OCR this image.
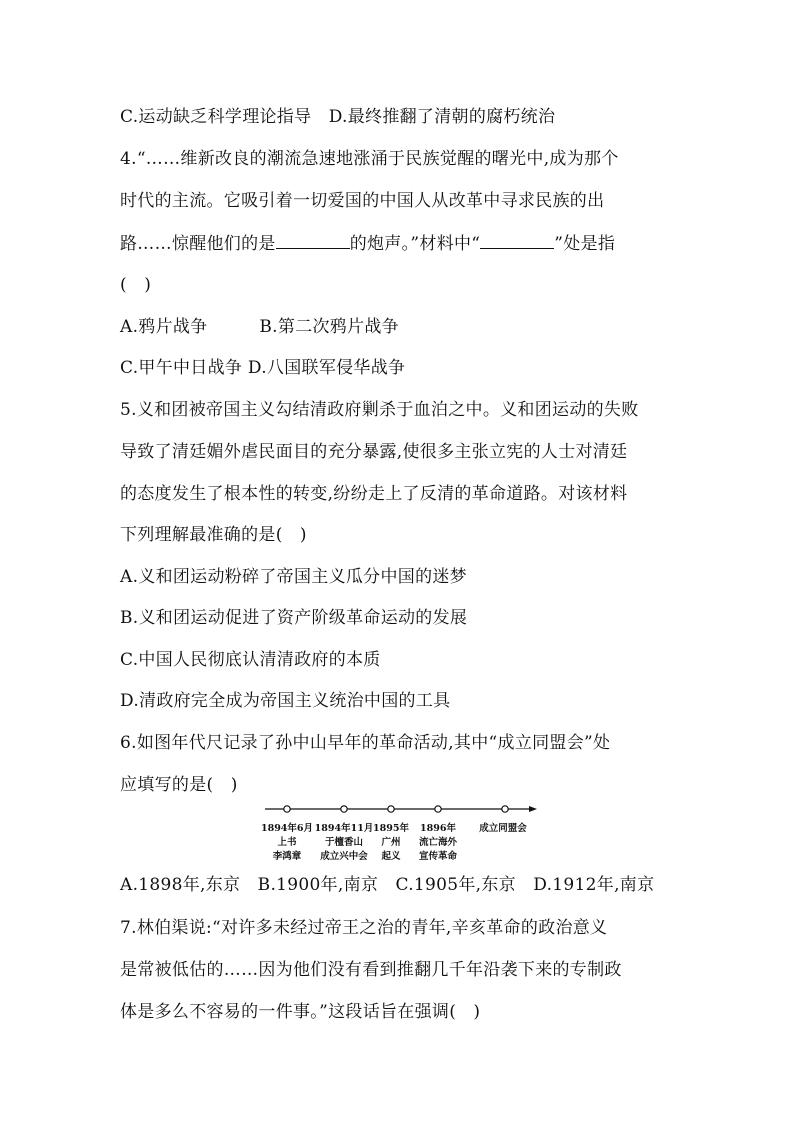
C.运动缺乏科学理论指导　D.最终推翻了清朝的腐朽统治
4.“……维新改良的潮流急速地涨涌于民族觉醒的曙光中,成为那个
时代的主流。它吸引着一切爱国的中国人从改革中寻求民族的出
路……惊醒他们的是	的炮声。”材料中“	”处是指
(　)
A.鸦片战争　　　B.第二次鸦片战争
C.甲午中日战争 D.八国联军侵华战争
5.义和团被帝国主义勾结清政府剿杀于血泊之中。义和团运动的失败
导致了清廷媚外虐民面目的充分暴露,使很多主张立宪的人士对清廷
的态度发生了根本性的转变,纷纷走上了反清的革命道路。对该材料
下列理解最准确的是(　)
A.义和团运动粉碎了帝国主义瓜分中国的迷梦
B.义和团运动促进了资产阶级革命运动的发展
C.中国人民彻底认清清政府的本质
D.清政府完全成为帝国主义统治中国的工具
6.如图年代尺记录了孙中山早年的革命活动,其中“成立同盟会”处
应填写的是(　)
1894年6月
上书
李鸿章
1894年11月
于檀香山
成立兴中会
1895年
广州
起义
1896年
流亡海外
宣传革命
成立同盟会
A.1898年,东京　B.1900年,南京　C.1905年,东京　D.1912年,南京
7.林伯渠说:“对许多未经过帝王之治的青年,辛亥革命的政治意义
是常被低估的……因为他们没有看到推翻几千年沿袭下来的专制政
体是多么不容易的一件事。”这段话旨在强调(　)
